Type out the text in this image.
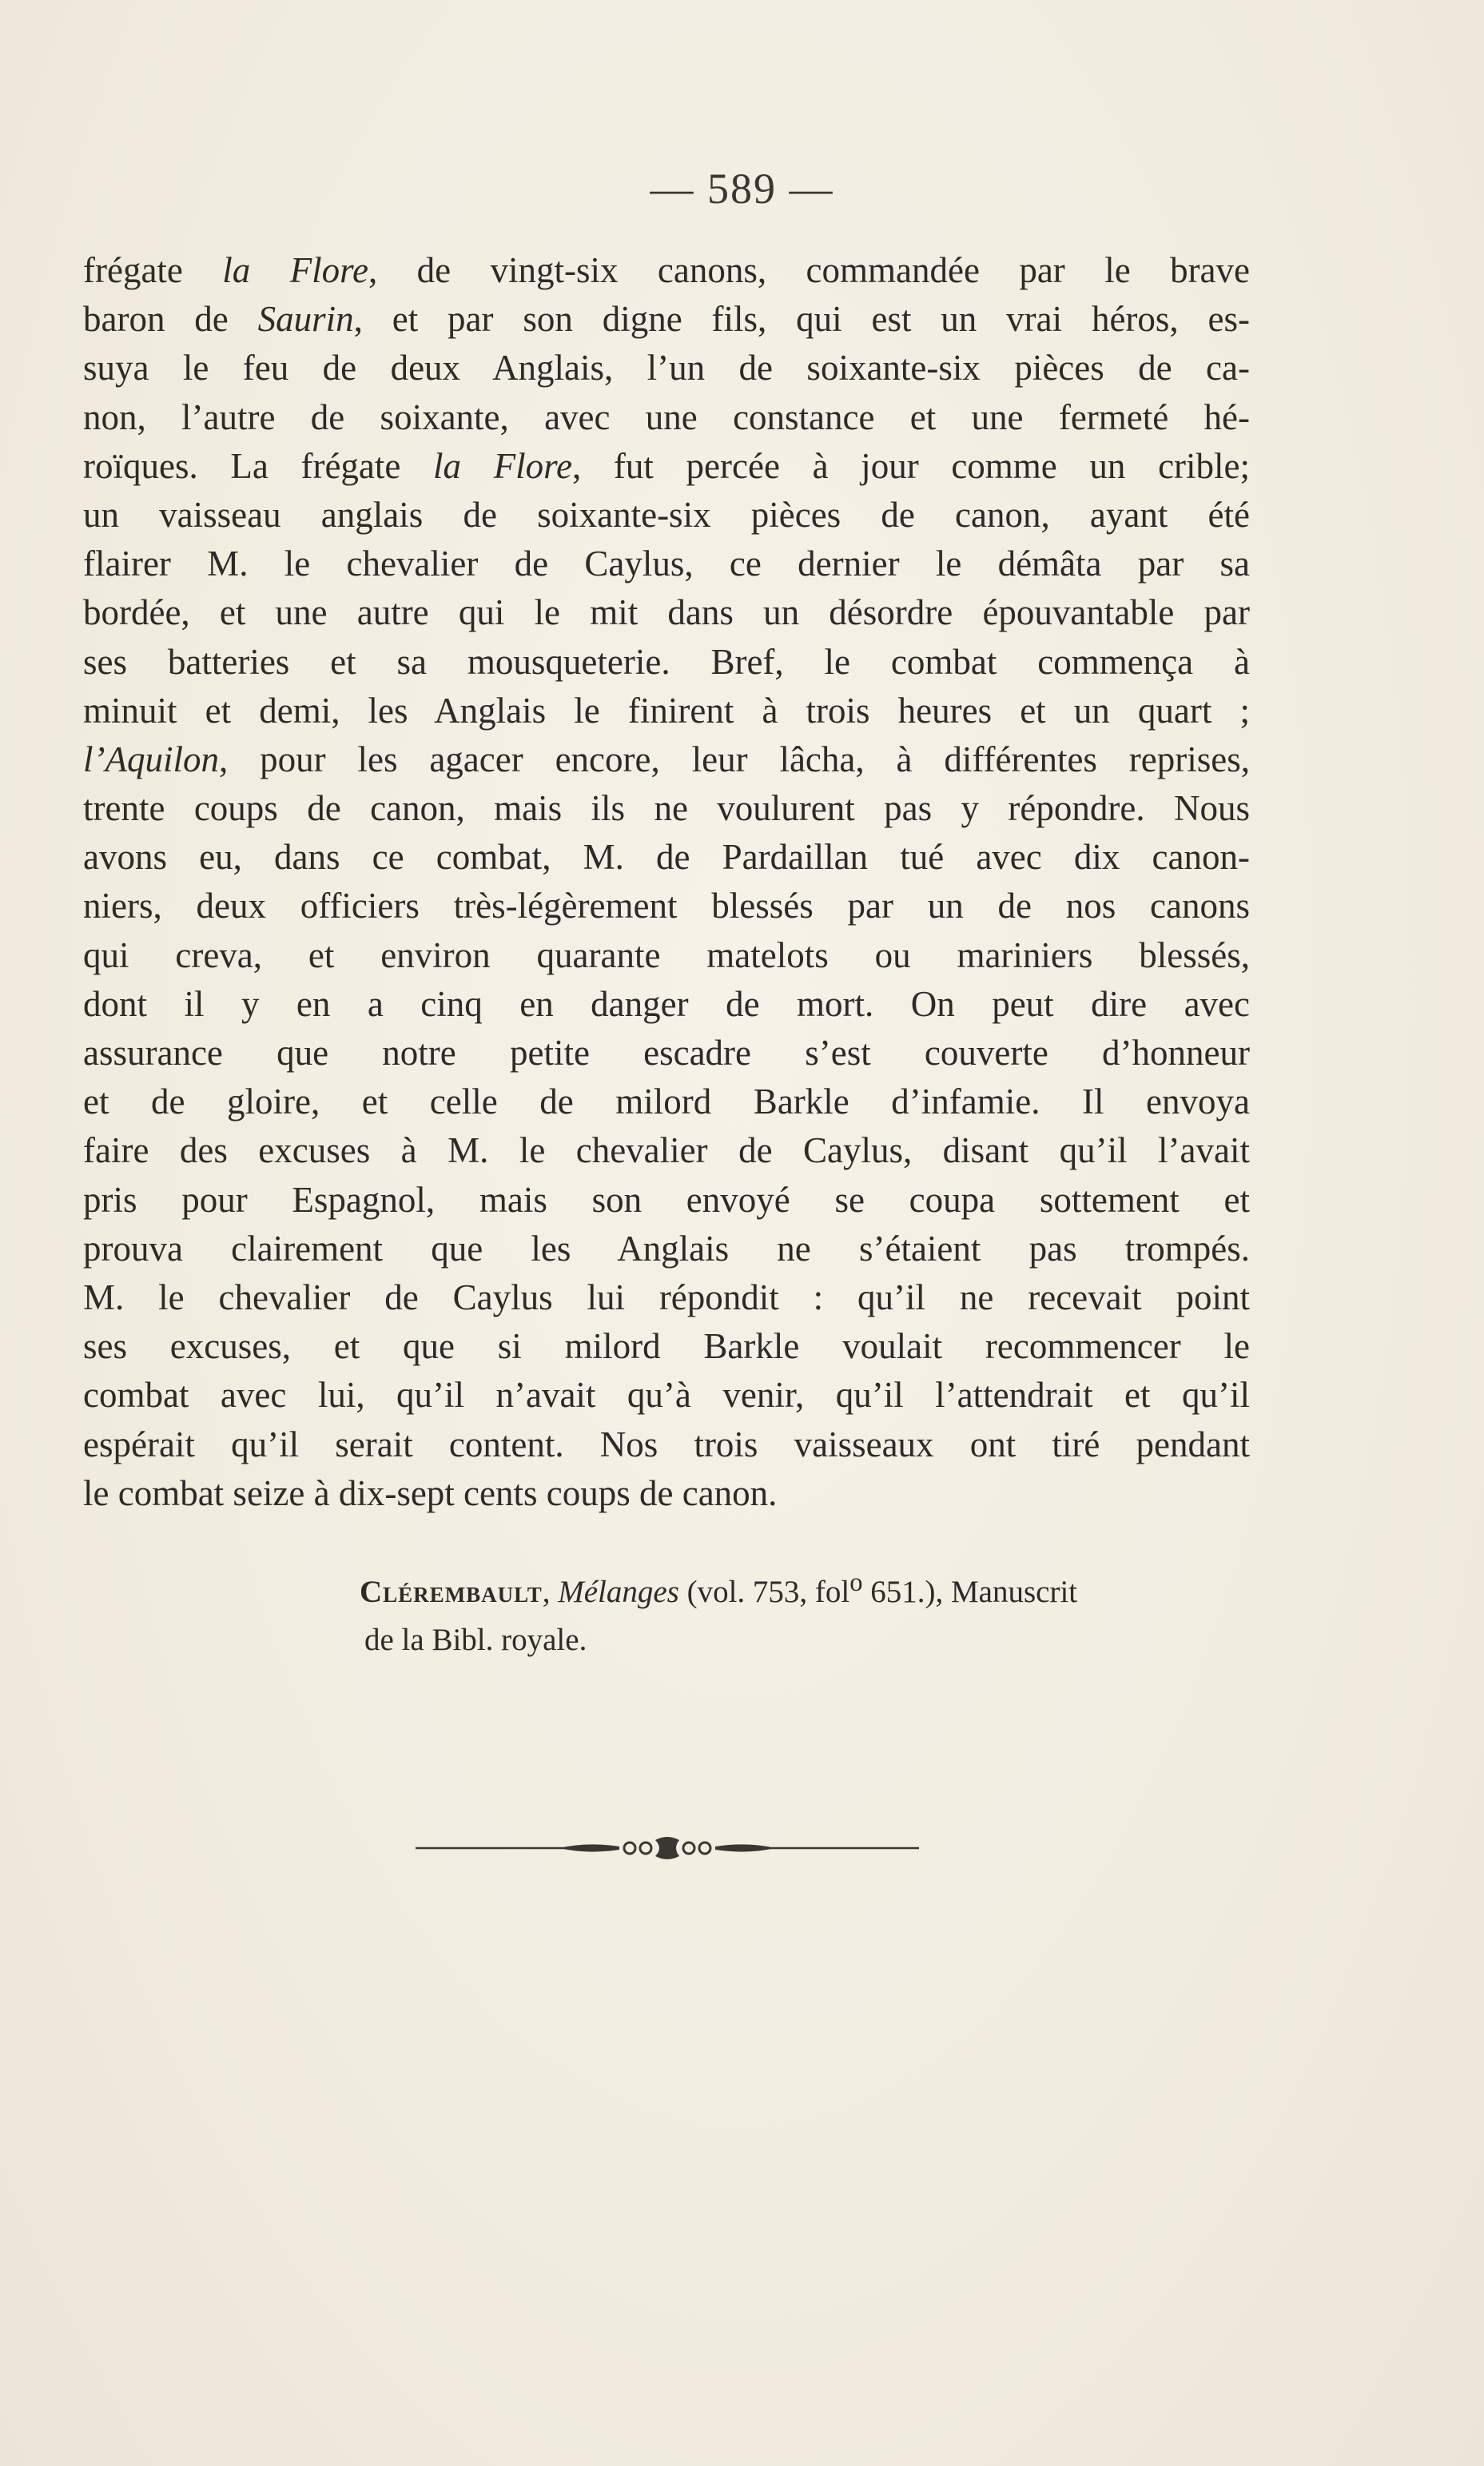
— 589 —
frégate la Flore, de vingt-six canons, commandée par le brave
baron de Saurin, et par son digne fils, qui est un vrai héros, es-
suya le feu de deux Anglais, l’un de soixante-six pièces de ca-
non, l’autre de soixante, avec une constance et une fermeté hé-
roïques. La frégate la Flore, fut percée à jour comme un crible;
un vaisseau anglais de soixante-six pièces de canon, ayant été
flairer M. le chevalier de Caylus, ce dernier le démâta par sa
bordée, et une autre qui le mit dans un désordre épouvantable par
ses batteries et sa mousqueterie. Bref, le combat commença à
minuit et demi, les Anglais le finirent à trois heures et un quart ;
l’Aquilon, pour les agacer encore, leur lâcha, à différentes reprises,
trente coups de canon, mais ils ne voulurent pas y répondre. Nous
avons eu, dans ce combat, M. de Pardaillan tué avec dix canon-
niers, deux officiers très-légèrement blessés par un de nos canons
qui creva, et environ quarante matelots ou mariniers blessés,
dont il y en a cinq en danger de mort. On peut dire avec
assurance que notre petite escadre s’est couverte d’honneur
et de gloire, et celle de milord Barkle d’infamie. Il envoya
faire des excuses à M. le chevalier de Caylus, disant qu’il l’avait
pris pour Espagnol, mais son envoyé se coupa sottement et
prouva clairement que les Anglais ne s’étaient pas trompés.
M. le chevalier de Caylus lui répondit : qu’il ne recevait point
ses excuses, et que si milord Barkle voulait recommencer le
combat avec lui, qu’il n’avait qu’à venir, qu’il l’attendrait et qu’il
espérait qu’il serait content. Nos trois vaisseaux ont tiré pendant
le combat seize à dix-sept cents coups de canon.
Clérembault, Mélanges (vol. 753, fol$^o$ 651.), Manuscrit
de la Bibl. royale.
